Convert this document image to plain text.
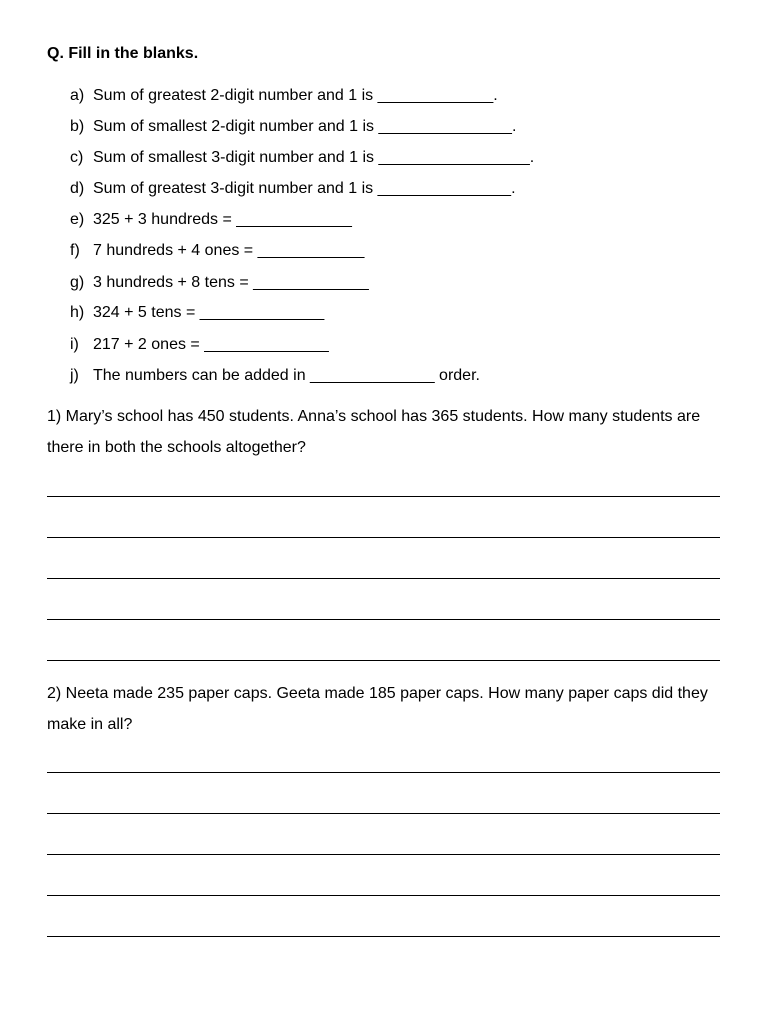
Q. Fill in the blanks.
a) Sum of greatest 2-digit number and 1 is _____________.
b) Sum of smallest 2-digit number and 1 is _______________.
c) Sum of smallest 3-digit number and 1 is _________________.
d) Sum of greatest 3-digit number and 1 is _______________.
e) 325 + 3 hundreds = _____________
f) 7 hundreds + 4 ones = ____________
g) 3 hundreds + 8 tens = _____________
h) 324 + 5 tens = ______________
i) 217 + 2 ones = ______________
j) The numbers can be added in ______________ order.

1) Mary’s school has 450 students. Anna’s school has 365 students. How many students are there in both the schools altogether?

2) Neeta made 235 paper caps. Geeta made 185 paper caps. How many paper caps did they make in all?
